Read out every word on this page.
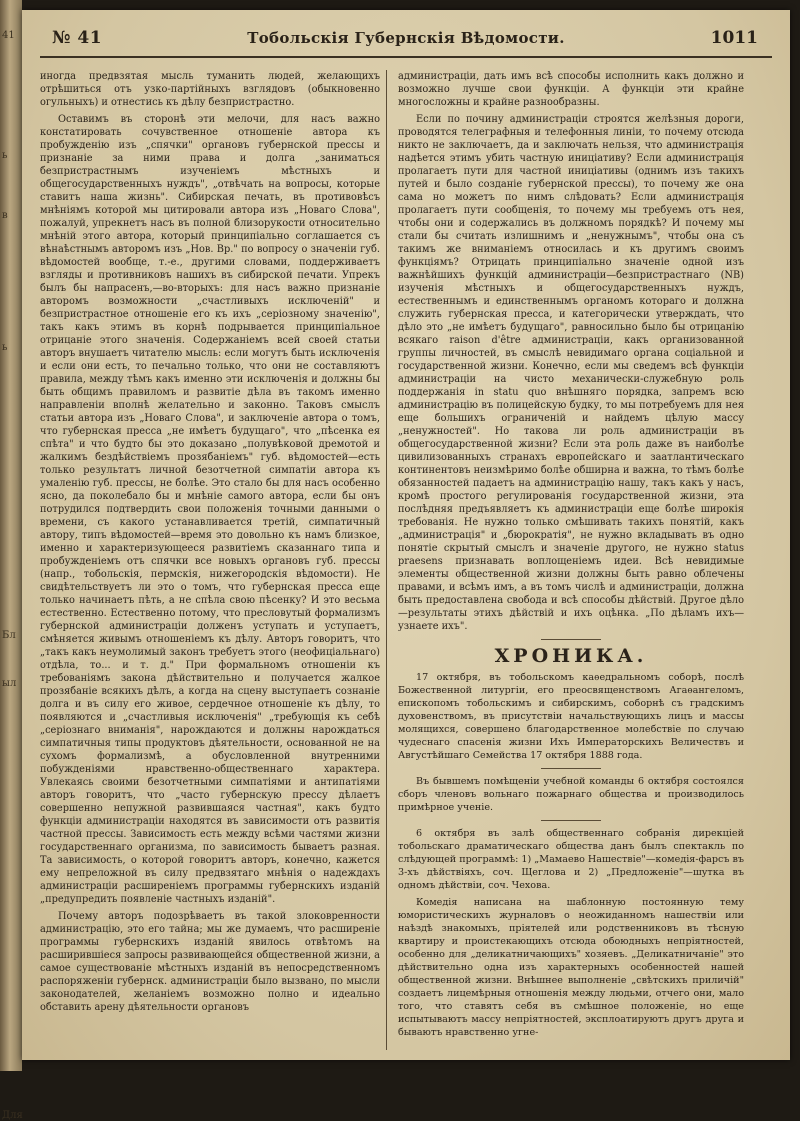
41
ь
в
ь
Бл
ыл
Для
№ 41	Тобольскія Губернскія Вѣдомости.	1011

иногда предвзятая мысль туманить людей, желающихъ отрѣшиться отъ узко-партійныхъ взглядовъ (обыкновенно огульныхъ) и отнестись къ дѣлу безпристрастно.

Оставимъ въ сторонѣ эти мелочи, для насъ важно констатировать сочувственное отношеніе автора къ пробужденію изъ „спячки" органовъ губернской прессы и признаніе за ними права и долга „заниматься безпристрастнымъ изученіемъ мѣстныхъ и общегосударственныхъ нуждъ", „отвѣчать на вопросы, которые ставитъ наша жизнь". Сибирская печать, въ противовѣсъ мнѣніямъ которой мы цитировали автора изъ „Новаго Слова", пожалуй, упрекнетъ насъ въ полной близорукости относительно мнѣній этого автора, который принципіально соглашается съ вѣнаѣстнымъ авторомъ изъ „Нов. Вр." по вопросу о значеніи губ. вѣдомостей вообще, т.-е., другими словами, поддерживаетъ взгляды и противниковъ нашихъ въ сибирской печати. Упрекъ былъ бы напрасенъ,—во-вторыхъ: для насъ важно признаніе авторомъ возможности „счастливыхъ исключеній" и безпристрастное отношеніе его къ ихъ „серіозному значенію", такъ какъ этимъ въ корнѣ подрывается принципіальное отрицаніе этого значенія. Содержаніемъ всей своей статьи авторъ внушаетъ читателю мысль: если могутъ быть исключенія и если они есть, то печально только, что они не составляютъ правила, между тѣмъ какъ именно эти исключенія и должны бы быть общимъ правиломъ и развитіе дѣла въ такомъ именно направленіи вполнѣ желательно и законно. Таковъ смыслъ статьи автора изъ „Новаго Слова", и заключеніе автора о томъ, что губернская пресса „не имѣетъ будущаго", что „пѣсенка ея спѣта" и что будто бы это доказано „полувѣковой дремотой и жалкимъ бездѣйствіемъ прозябаніемъ" губ. вѣдомостей—есть только результатъ личной безотчетной симпатіи автора къ умаленію губ. прессы, не болѣе. Это стало бы для насъ особенно ясно, да поколебало бы и мнѣніе самого автора, если бы онъ потрудился подтвердить свои положенія точными данными о времени, съ какого устанавливается третій, симпатичный автору, типъ вѣдомостей—время это довольно къ намъ близкое, именно и характеризующееся развитіемъ сказаннаго типа и пробужденіемъ отъ спячки все новыхъ органовъ губ. прессы (напр., тобольскія, пермскія, нижегородскія вѣдомости). Не свидѣтельствуетъ ли это о томъ, что губернская пресса еще только начинаетъ пѣть, а не спѣла свою пѣсенку? И это весьма естественно. Естественно потому, что пресловутый формализмъ губернской администраціи долженъ уступать и уступаетъ, смѣняется живымъ отношеніемъ къ дѣлу. Авторъ говоритъ, что „такъ какъ неумолимый законъ требуетъ этого (неофиціальнаго) отдѣла, то... и т. д." При формальномъ отношеніи къ требованіямъ закона дѣйствительно и получается жалкое прозябаніе всякихъ дѣлъ, а когда на сцену выступаетъ сознаніе долга и въ силу его живое, сердечное отношеніе къ дѣлу, то появляются и „счастливыя исключенія" „требующія къ себѣ „серіознаго вниманія", нарождаются и должны нарождаться симпатичныя типы продуктовъ дѣятельности, основанной не на сухомъ формализмѣ, а обусловленной внутренними побужденіями нравственно-общественнаго характера. Увлекаясь своими безотчетными симпатіями и антипатіями авторъ говоритъ, что „часто губернскую прессу дѣлаетъ совершенно непужной развившаяся частная", какъ будто функціи администраціи находятся въ зависимости отъ развитія частной прессы. Зависимость есть между всѣми частями жизни государственнаго организма, по зависимость бываетъ разная. Та зависимость, о которой говоритъ авторъ, конечно, кажется ему непреложной въ силу предвзятаго мнѣнія о надеждахъ администраціи расширеніемъ программы губернскихъ изданій „предупредить появленіе частныхъ изданій".

Почему авторъ подозрѣваетъ въ такой злоковренности администрацію, это его тайна; мы же думаемъ, что расширеніе программы губернскихъ изданій явилось отвѣтомъ на расширившіеся запросы развивающейся общественной жизни, а самое существованіе мѣстныхъ изданій въ непосредственномъ распоряженіи губернск. администраціи было вызвано, по мысли законодателей, желаніемъ возможно полно и идеально обставить арену дѣятельности органовъ

администраціи, дать имъ всѣ способы исполнить какъ должно и возможно лучше свои функціи. А функціи эти крайне многосложны и крайне разнообразны.

Если по почину администраціи строятся желѣзныя дороги, проводятся телеграфныя и телефонныя линіи, то почему отсюда никто не заключаетъ, да и заключать нельзя, что администрація надѣется этимъ убить частную иниціативу? Если администрація пролагаетъ пути для частной иниціативы (однимъ изъ такихъ путей и было созданіе губернской прессы), то почему же она сама но можетъ по нимъ слѣдовать? Если администрація пролагаетъ пути сообщенія, то почему мы требуемъ отъ нея, чтобы они и содержались въ должномъ порядкѣ? И почему мы стали бы считать излишнимъ и „ненужнымъ", чтобы она съ такимъ же вниманіемъ относилась и къ другимъ своимъ функціямъ? Отрицать принципіально значеніе одной изъ важнѣйшихъ функцій администраціи—безпристрастнаго (NB) изученія мѣстныхъ и общегосударственныхъ нуждъ, естественнымъ и единственнымъ органомъ котораго и должна служить губернская пресса, и категорически утверждать, что дѣло это „не имѣетъ будущаго", равносильно было бы отрицанію всякаго raison d'être администраціи, какъ организованной группы личностей, въ смыслѣ невидимаго органа соціальной и государственной жизни. Конечно, если мы сведемъ всѣ функціи администраціи на чисто механически-служебную роль поддержанія in statu quo внѣшняго порядка, запремъ всю администрацію въ полицейскую будку, то мы потребуемъ для нея еще большихъ ограниченій и найдемъ цѣлую массу „ненужностей". Но такова ли роль администраціи въ общегосударственной жизни? Если эта роль даже въ наиболѣе цивилизованныхъ странахъ европейскаго и заатлантическаго континентовъ неизмѣримо болѣе обширна и важна, то тѣмъ болѣе обязанностей падаетъ на администрацію нашу, такъ какъ у насъ, кромѣ простого регулированія государственной жизни, эта послѣдняя предъявляетъ къ администраціи еще болѣе широкія требованія. Не нужно только смѣшивать такихъ понятій, какъ „администрація" и „бюрократія", не нужно вкладывать въ одно понятіе скрытый смыслъ и значеніе другого, не нужно status praesens признавать воплощеніемъ идеи. Всѣ невидимые элементы общественной жизни должны быть равно облечены правами, и всѣмъ имъ, а въ томъ числѣ и администраціи, должна быть предоставлена свобода и всѣ способы дѣйствій. Другое дѣло—результаты этихъ дѣйствій и ихъ оцѣнка. „По дѣламъ ихъ—узнаете ихъ".

ХРОНИКА.

17 октября, въ тобольскомъ каѳедральномъ соборѣ, послѣ Божественной литургіи, его преосвященствомъ Агаѳангеломъ, епископомъ тобольскимъ и сибирскимъ, соборнѣ съ градскимъ духовенствомъ, въ присутствіи начальствующихъ лицъ и массы молящихся, совершено благодарственное молебствіе по случаю чудеснаго спасенія жизни Ихъ Императорскихъ Величествъ и Августѣйшаго Семейства 17 октября 1888 года.

Въ бывшемъ помѣщеніи учебной команды 6 октября состоялся сборъ членовъ вольнаго пожарнаго общества и производилось примѣрное ученіе.

6 октября въ залѣ общественнаго собранія дирекціей тобольскаго драматическаго общества данъ былъ спектакль по слѣдующей программѣ: 1) „Мамаево Нашествіе"—комедія-фарсъ въ 3-хъ дѣйствіяхъ, соч. Щеглова и 2) „Предложеніе"—шутка въ одномъ дѣйствіи, соч. Чехова.

Комедія написана на шаблонную постоянную тему юмористическихъ журналовъ о неожиданномъ нашествіи или наѣздѣ знакомыхъ, пріятелей или родственниковъ въ тѣсную квартиру и проистекающихъ отсюда обоюдныхъ непріятностей, особенно для „деликатничающихъ" хозяевъ. „Деликатничаніе" это дѣйствительно одна изъ характерныхъ особенностей нашей общественной жизни. Внѣшнее выполненіе „свѣтскихъ приличій" создаетъ лицемѣрныя отношенія между людьми, отчего они, мало того, что ставятъ себя въ смѣшное положеніе, но еще испытываютъ массу непріятностей, эксплоатируютъ другъ друга и бываютъ нравственно угне-
